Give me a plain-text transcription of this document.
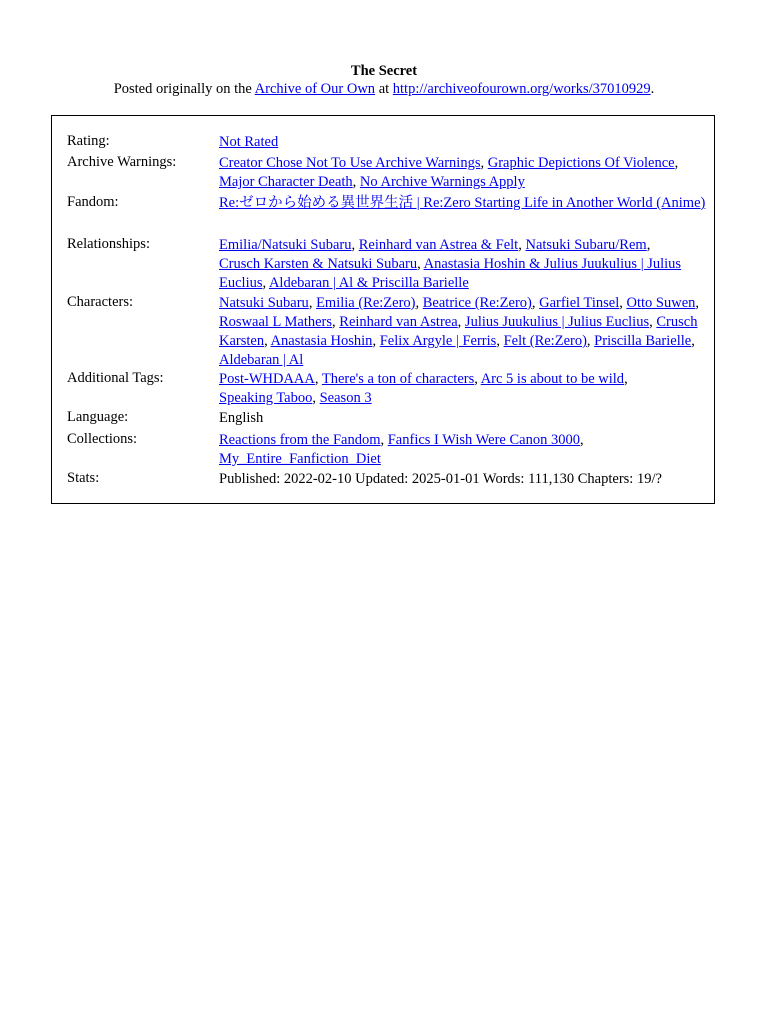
The Secret
Posted originally on the Archive of Our Own at http://archiveofourown.org/works/37010929.
Rating:	Not Rated
Archive Warnings:	Creator Chose Not To Use Archive Warnings, Graphic Depictions Of Violence,
Major Character Death, No Archive Warnings Apply
Fandom:	Re:ゼロから始める異世界生活 | Re:Zero Starting Life in Another World (Anime)
Relationships:	Emilia/Natsuki Subaru, Reinhard van Astrea & Felt, Natsuki Subaru/Rem,
Crusch Karsten & Natsuki Subaru, Anastasia Hoshin & Julius Juukulius | Julius Euclius, Aldebaran | Al & Priscilla Barielle
Characters:	Natsuki Subaru, Emilia (Re:Zero), Beatrice (Re:Zero), Garfiel Tinsel, Otto Suwen, Roswaal L Mathers, Reinhard van Astrea, Julius Juukulius | Julius Euclius, Crusch Karsten, Anastasia Hoshin, Felix Argyle | Ferris, Felt (Re:Zero), Priscilla Barielle, Aldebaran | Al
Additional Tags:	Post-WHDAAA, There's a ton of characters, Arc 5 is about to be wild,
Speaking Taboo, Season 3
Language:	English
Collections:	Reactions from the Fandom, Fanfics I Wish Were Canon 3000,
My_Entire_Fanfiction_Diet
Stats:	Published: 2022-02-10 Updated: 2025-01-01 Words: 111,130 Chapters: 19/?
